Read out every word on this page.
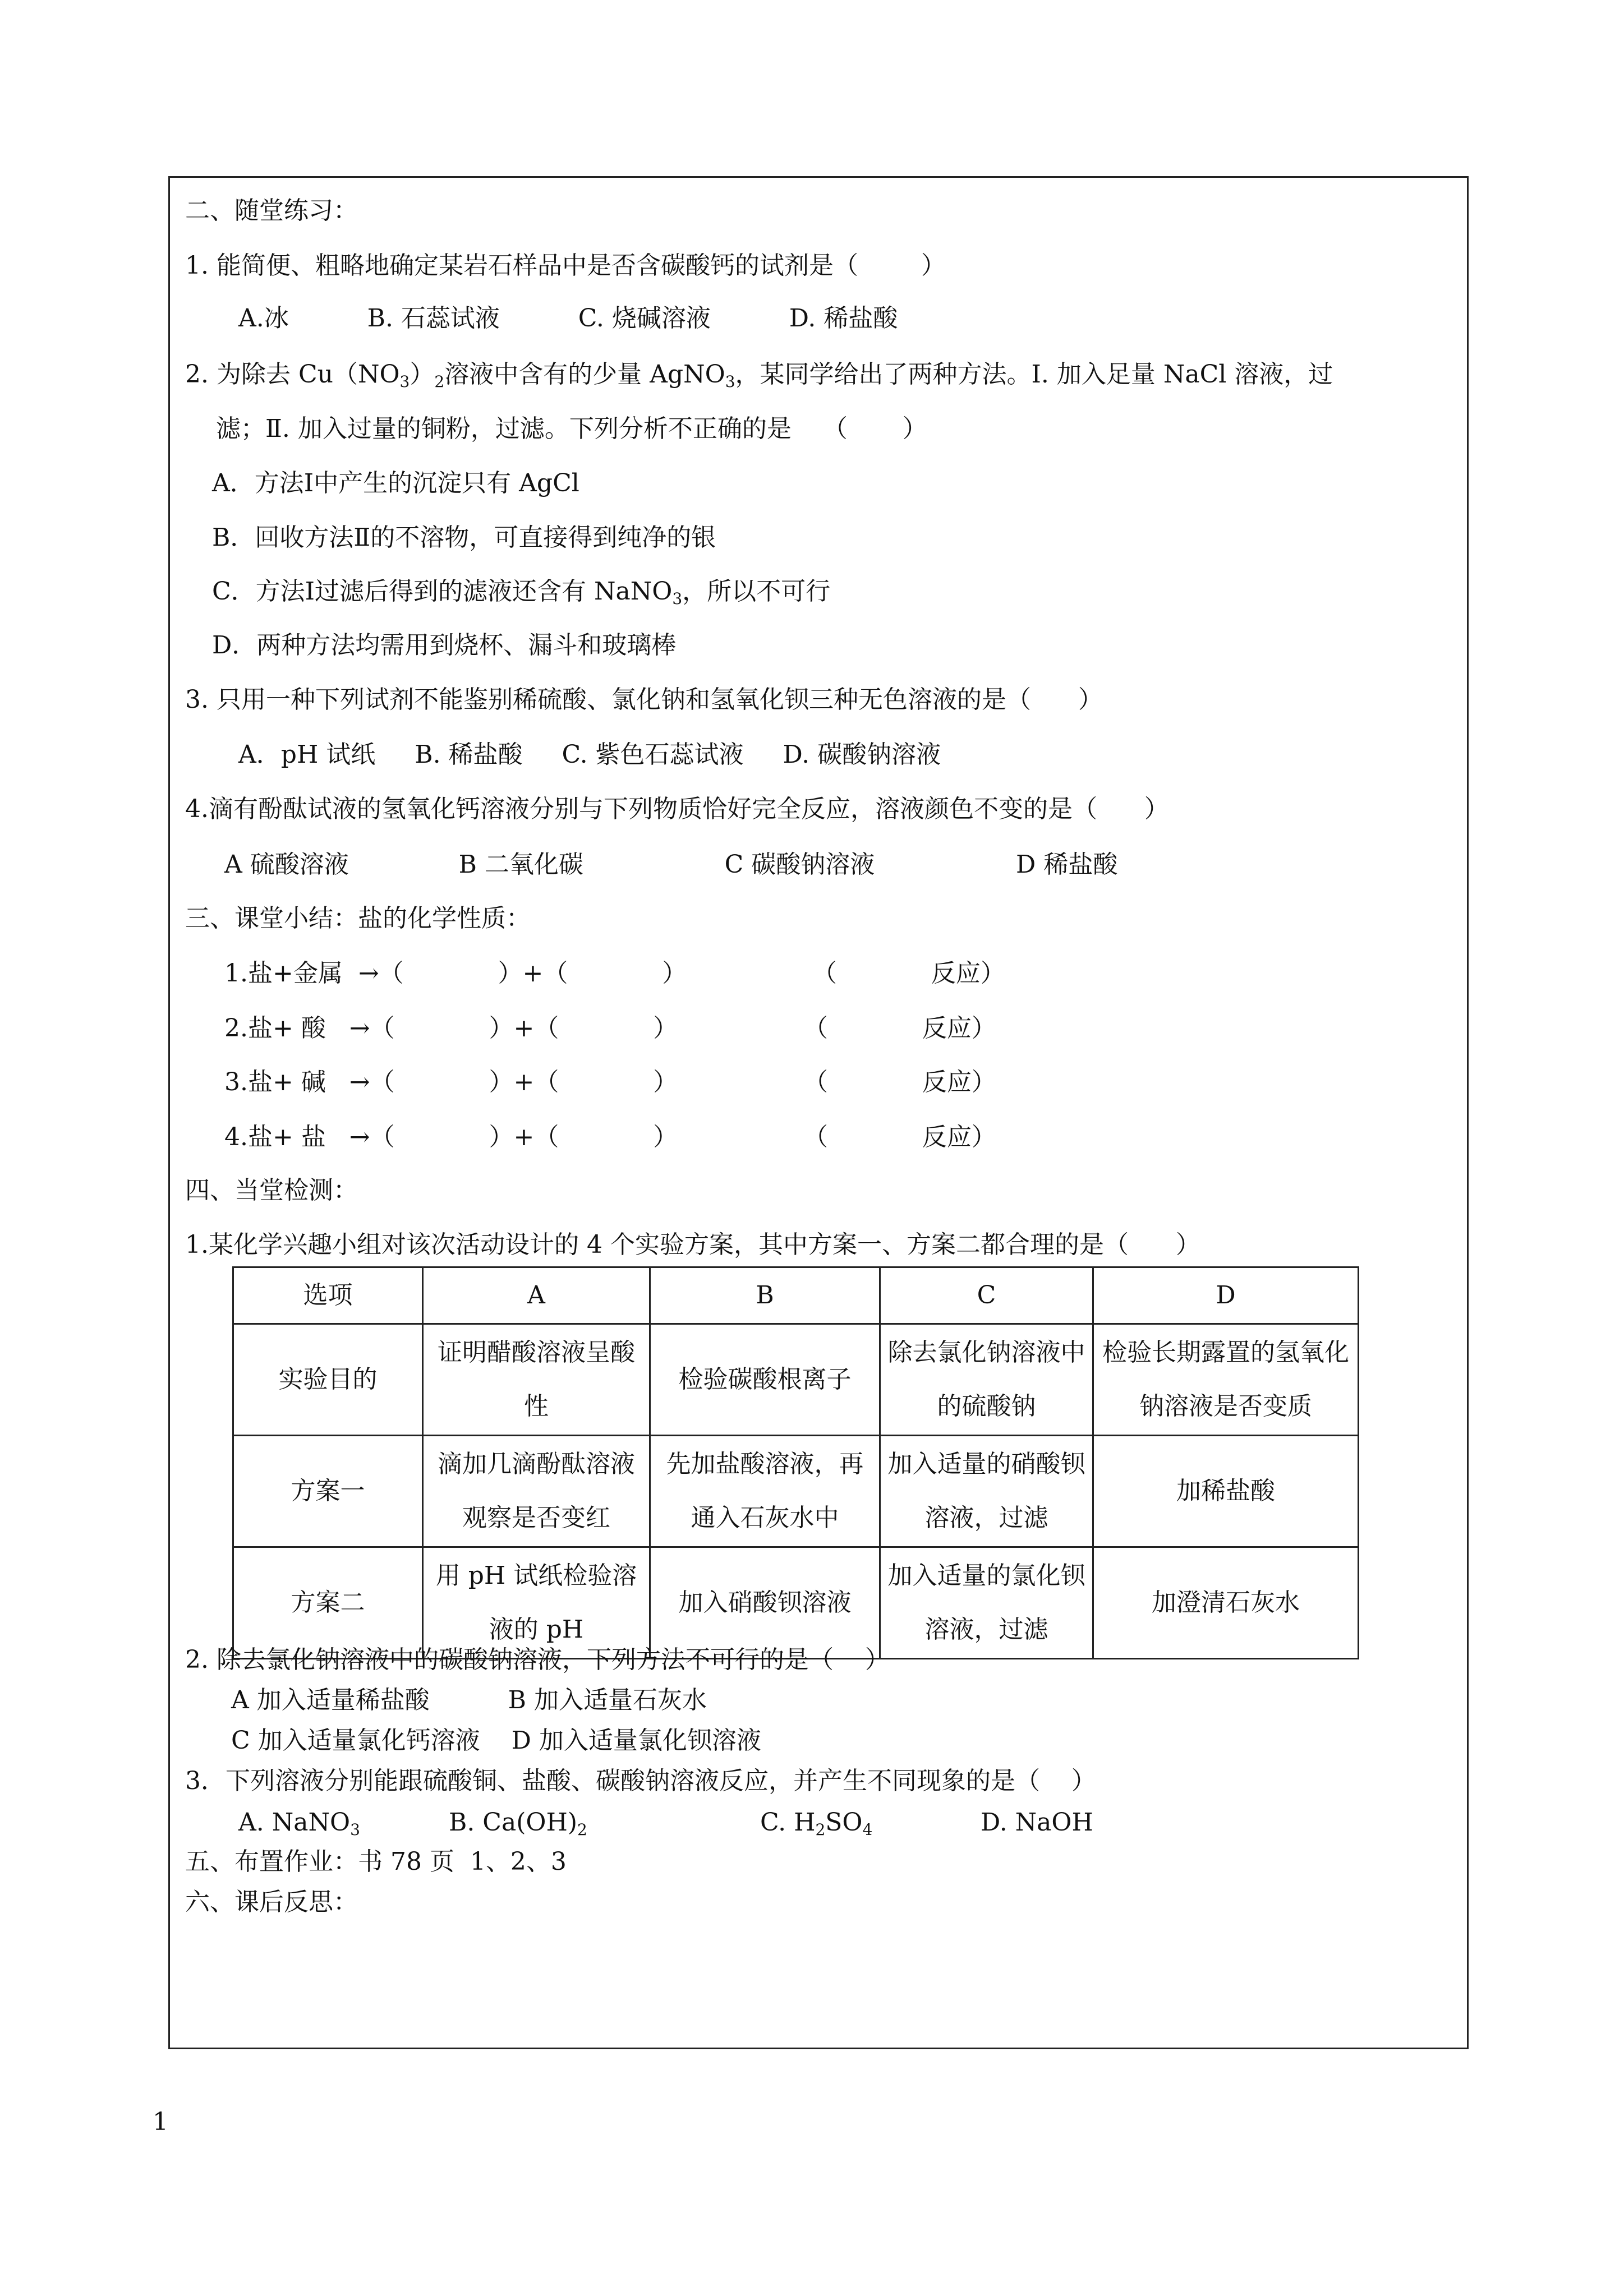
二、随堂练习：
1. 能简便、粗略地确定某岩石样品中是否含碳酸钙的试剂是（        ）
A.冰          B. 石蕊试液          C. 烧碱溶液          D. 稀盐酸
2. 为除去 $Cu(NO_3)_2$溶液中含有的少量 AgNO$_3$，某同学给出了两种方法。Ⅰ. 加入足量 NaCl 溶液，过
滤；Ⅱ. 加入过量的铜粉，过滤。下列分析不正确的是    （       ）
A．方法Ⅰ中产生的沉淀只有 AgCl
B．回收方法Ⅱ的不溶物，可直接得到纯净的银
C．方法Ⅰ过滤后得到的滤液还含有 NaNO$_3$，所以不可行
D．两种方法均需用到烧杯、漏斗和玻璃棒
3. 只用一种下列试剂不能鉴别稀硫酸、氯化钠和氢氧化钡三种无色溶液的是（      ）
A．pH 试纸     B. 稀盐酸     C. 紫色石蕊试液     D. 碳酸钠溶液
4.滴有酚酞试液的氢氧化钙溶液分别与下列物质恰好完全反应，溶液颜色不变的是（      ）
A 硫酸溶液              B 二氧化碳                  C 碳酸钠溶液                  D 稀盐酸
三、课堂小结：盐的化学性质：
1.盐+金属  →（            ）+（            ）                （            反应）
2.盐+ 酸   →（            ）+（            ）                （            反应）
3.盐+ 碱   →（            ）+（            ）                （            反应）
4.盐+ 盐   →（            ）+（            ）                （            反应）
四、当堂检测：
1.某化学兴趣小组对该次活动设计的 4 个实验方案，其中方案一、方案二都合理的是（      ）
选项	A	B	C	D
实验目的	证明醋酸溶液呈酸性	检验碳酸根离子	除去氯化钠溶液中的硫酸钠	检验长期露置的氢氧化钠溶液是否变质
方案一	滴加几滴酚酞溶液观察是否变红	先加盐酸溶液，再通入石灰水中	加入适量的硝酸钡溶液，过滤	加稀盐酸
方案二	用 pH 试纸检验溶液的 pH	加入硝酸钡溶液	加入适量的氯化钡溶液，过滤	加澄清石灰水
2. 除去氯化钠溶液中的碳酸钠溶液，下列方法不可行的是（    ）
A 加入适量稀盐酸          B 加入适量石灰水
C 加入适量氯化钙溶液    D 加入适量氯化钡溶液
3．下列溶液分别能跟硫酸铜、盐酸、碳酸钠溶液反应，并产生不同现象的是（    ）
A. NaNO$_3$	B. $Ca(OH)_2$	C. $H_2SO_4$	D. NaOH
五、布置作业：书 78 页  1、2、3
六、课后反思：
1
